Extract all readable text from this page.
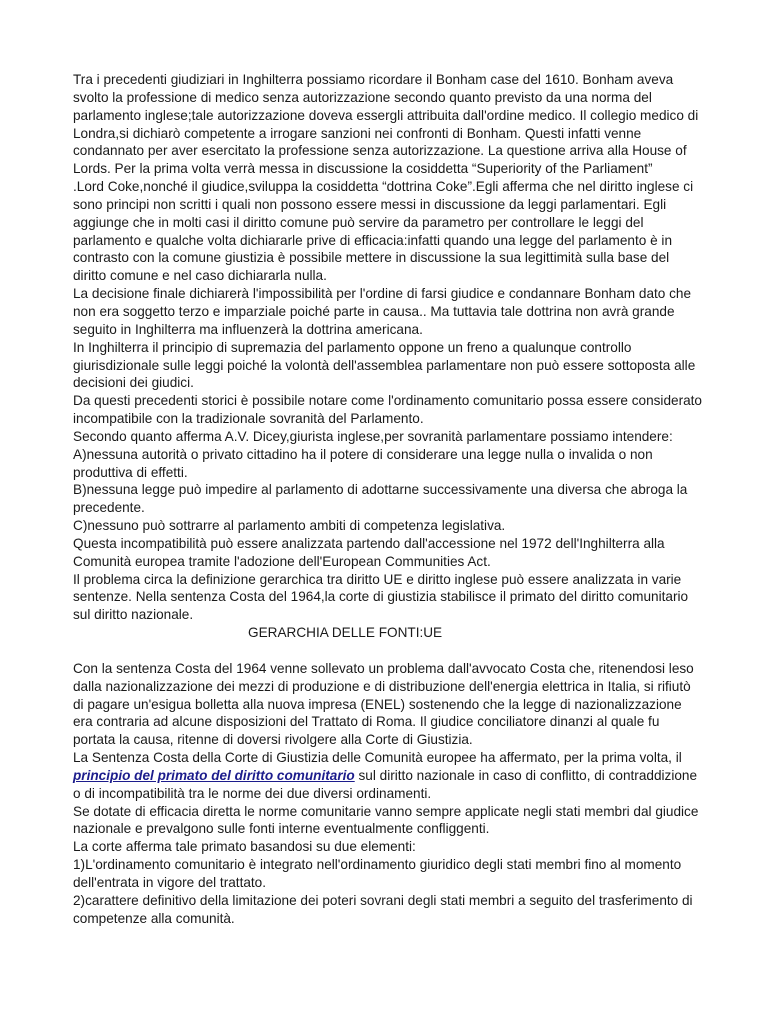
Tra i precedenti giudiziari in Inghilterra possiamo ricordare il Bonham case del 1610. Bonham aveva svolto la professione di medico senza autorizzazione secondo quanto previsto da una norma del parlamento inglese;tale autorizzazione doveva essergli attribuita dall'ordine medico. Il collegio medico di Londra,si dichiarò competente a irrogare sanzioni nei confronti di Bonham. Questi infatti venne condannato per aver esercitato la professione senza autorizzazione. La questione arriva alla House of Lords. Per la prima volta verrà messa in discussione la cosiddetta “Superiority of the Parliament”

.Lord Coke,nonché il giudice,sviluppa la cosiddetta “dottrina Coke”.Egli afferma che nel diritto inglese ci sono principi non scritti i quali non possono essere messi in discussione da leggi parlamentari. Egli aggiunge che in molti casi il diritto comune può servire da parametro per controllare le leggi del parlamento e qualche volta dichiararle prive di efficacia:infatti quando una legge del parlamento è in contrasto con la comune giustizia è possibile mettere in discussione la sua legittimità sulla base del diritto comune e nel caso dichiararla nulla.

La decisione finale dichiarerà l'impossibilità per l'ordine di farsi giudice e condannare Bonham dato che non era soggetto terzo e imparziale poiché parte in causa.. Ma tuttavia tale dottrina non avrà grande seguito in Inghilterra ma influenzerà la dottrina americana.

In Inghilterra il principio di supremazia del parlamento oppone un freno a qualunque controllo giurisdizionale sulle leggi poiché la volontà dell'assemblea parlamentare non può essere sottoposta alle decisioni dei giudici.

Da questi precedenti storici è possibile notare come l'ordinamento comunitario possa essere considerato incompatibile con la tradizionale sovranità del Parlamento.

Secondo quanto afferma A.V. Dicey,giurista inglese,per sovranità parlamentare possiamo intendere:

A)nessuna autorità o privato cittadino ha il potere di considerare una legge nulla o invalida o non produttiva di effetti.

B)nessuna legge può impedire al parlamento di adottarne successivamente una diversa che abroga la precedente.

C)nessuno può sottrarre al parlamento ambiti di competenza legislativa.

Questa incompatibilità può essere analizzata partendo dall'accessione nel 1972 dell'Inghilterra alla Comunità europea tramite l'adozione dell'European Communities Act.

Il problema circa la definizione gerarchica tra diritto UE e diritto inglese può essere analizzata in varie sentenze. Nella sentenza Costa del 1964,la corte di giustizia stabilisce il primato del diritto comunitario sul diritto nazionale.

GERARCHIA DELLE FONTI:UE

Con la sentenza Costa del 1964 venne sollevato un problema dall'avvocato Costa che, ritenendosi leso dalla nazionalizzazione dei mezzi di produzione e di distribuzione dell'energia elettrica in Italia, si rifiutò di pagare un'esigua bolletta alla nuova impresa (ENEL) sostenendo che la legge di nazionalizzazione era contraria ad alcune disposizioni del Trattato di Roma. Il giudice conciliatore dinanzi al quale fu portata la causa, ritenne di doversi rivolgere alla Corte di Giustizia.

La Sentenza Costa della Corte di Giustizia delle Comunità europee ha affermato, per la prima volta, il principio del primato del diritto comunitario sul diritto nazionale in caso di conflitto, di contraddizione o di incompatibilità tra le norme dei due diversi ordinamenti.

Se dotate di efficacia diretta le norme comunitarie vanno sempre applicate negli stati membri dal giudice nazionale e prevalgono sulle fonti interne eventualmente confliggenti.

La corte afferma tale primato basandosi su due elementi:

1)L'ordinamento comunitario è integrato nell'ordinamento giuridico degli stati membri fino al momento dell'entrata in vigore del trattato.

2)carattere definitivo della limitazione dei poteri sovrani degli stati membri a seguito del trasferimento di competenze alla comunità.
